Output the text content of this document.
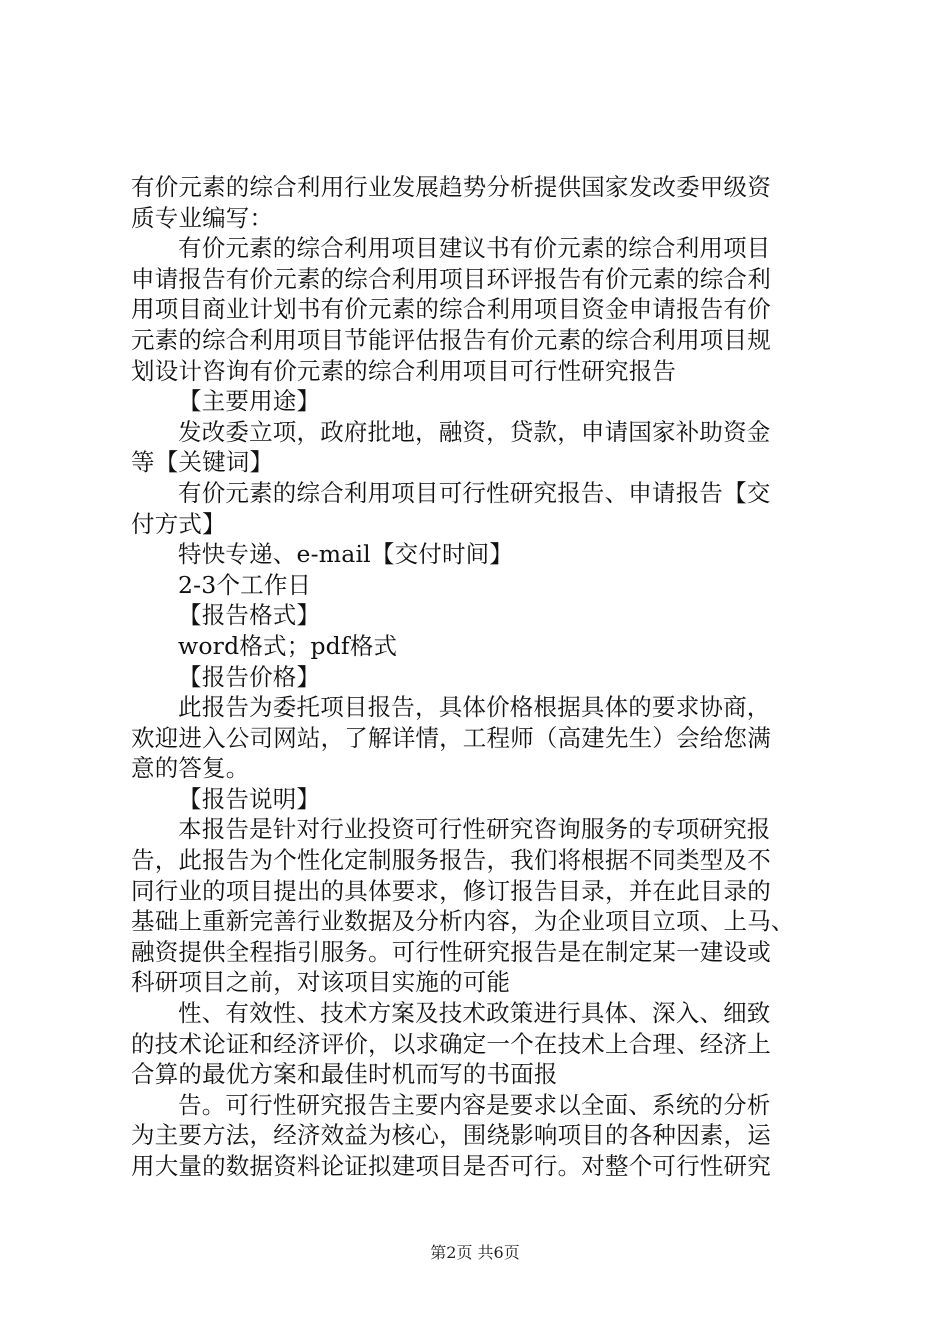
有价元素的综合利用行业发展趋势分析提供国家发改委甲级资
质专业编写：
有价元素的综合利用项目建议书有价元素的综合利用项目
申请报告有价元素的综合利用项目环评报告有价元素的综合利
用项目商业计划书有价元素的综合利用项目资金申请报告有价
元素的综合利用项目节能评估报告有价元素的综合利用项目规
划设计咨询有价元素的综合利用项目可行性研究报告
【主要用途】
发改委立项，政府批地，融资，贷款，申请国家补助资金
等【关键词】
有价元素的综合利用项目可行性研究报告、申请报告【交
付方式】
特快专递、e-mail【交付时间】
2-3个工作日
【报告格式】
word格式；pdf格式
【报告价格】
此报告为委托项目报告，具体价格根据具体的要求协商，
欢迎进入公司网站，了解详情，工程师（高建先生）会给您满
意的答复。
【报告说明】
本报告是针对行业投资可行性研究咨询服务的专项研究报
告，此报告为个性化定制服务报告，我们将根据不同类型及不
同行业的项目提出的具体要求，修订报告目录，并在此目录的
基础上重新完善行业数据及分析内容，为企业项目立项、上马、
融资提供全程指引服务。可行性研究报告是在制定某一建设或
科研项目之前，对该项目实施的可能
性、有效性、技术方案及技术政策进行具体、深入、细致
的技术论证和经济评价，以求确定一个在技术上合理、经济上
合算的最优方案和最佳时机而写的书面报
告。可行性研究报告主要内容是要求以全面、系统的分析
为主要方法，经济效益为核心，围绕影响项目的各种因素，运
用大量的数据资料论证拟建项目是否可行。对整个可行性研究
第2页 共6页
